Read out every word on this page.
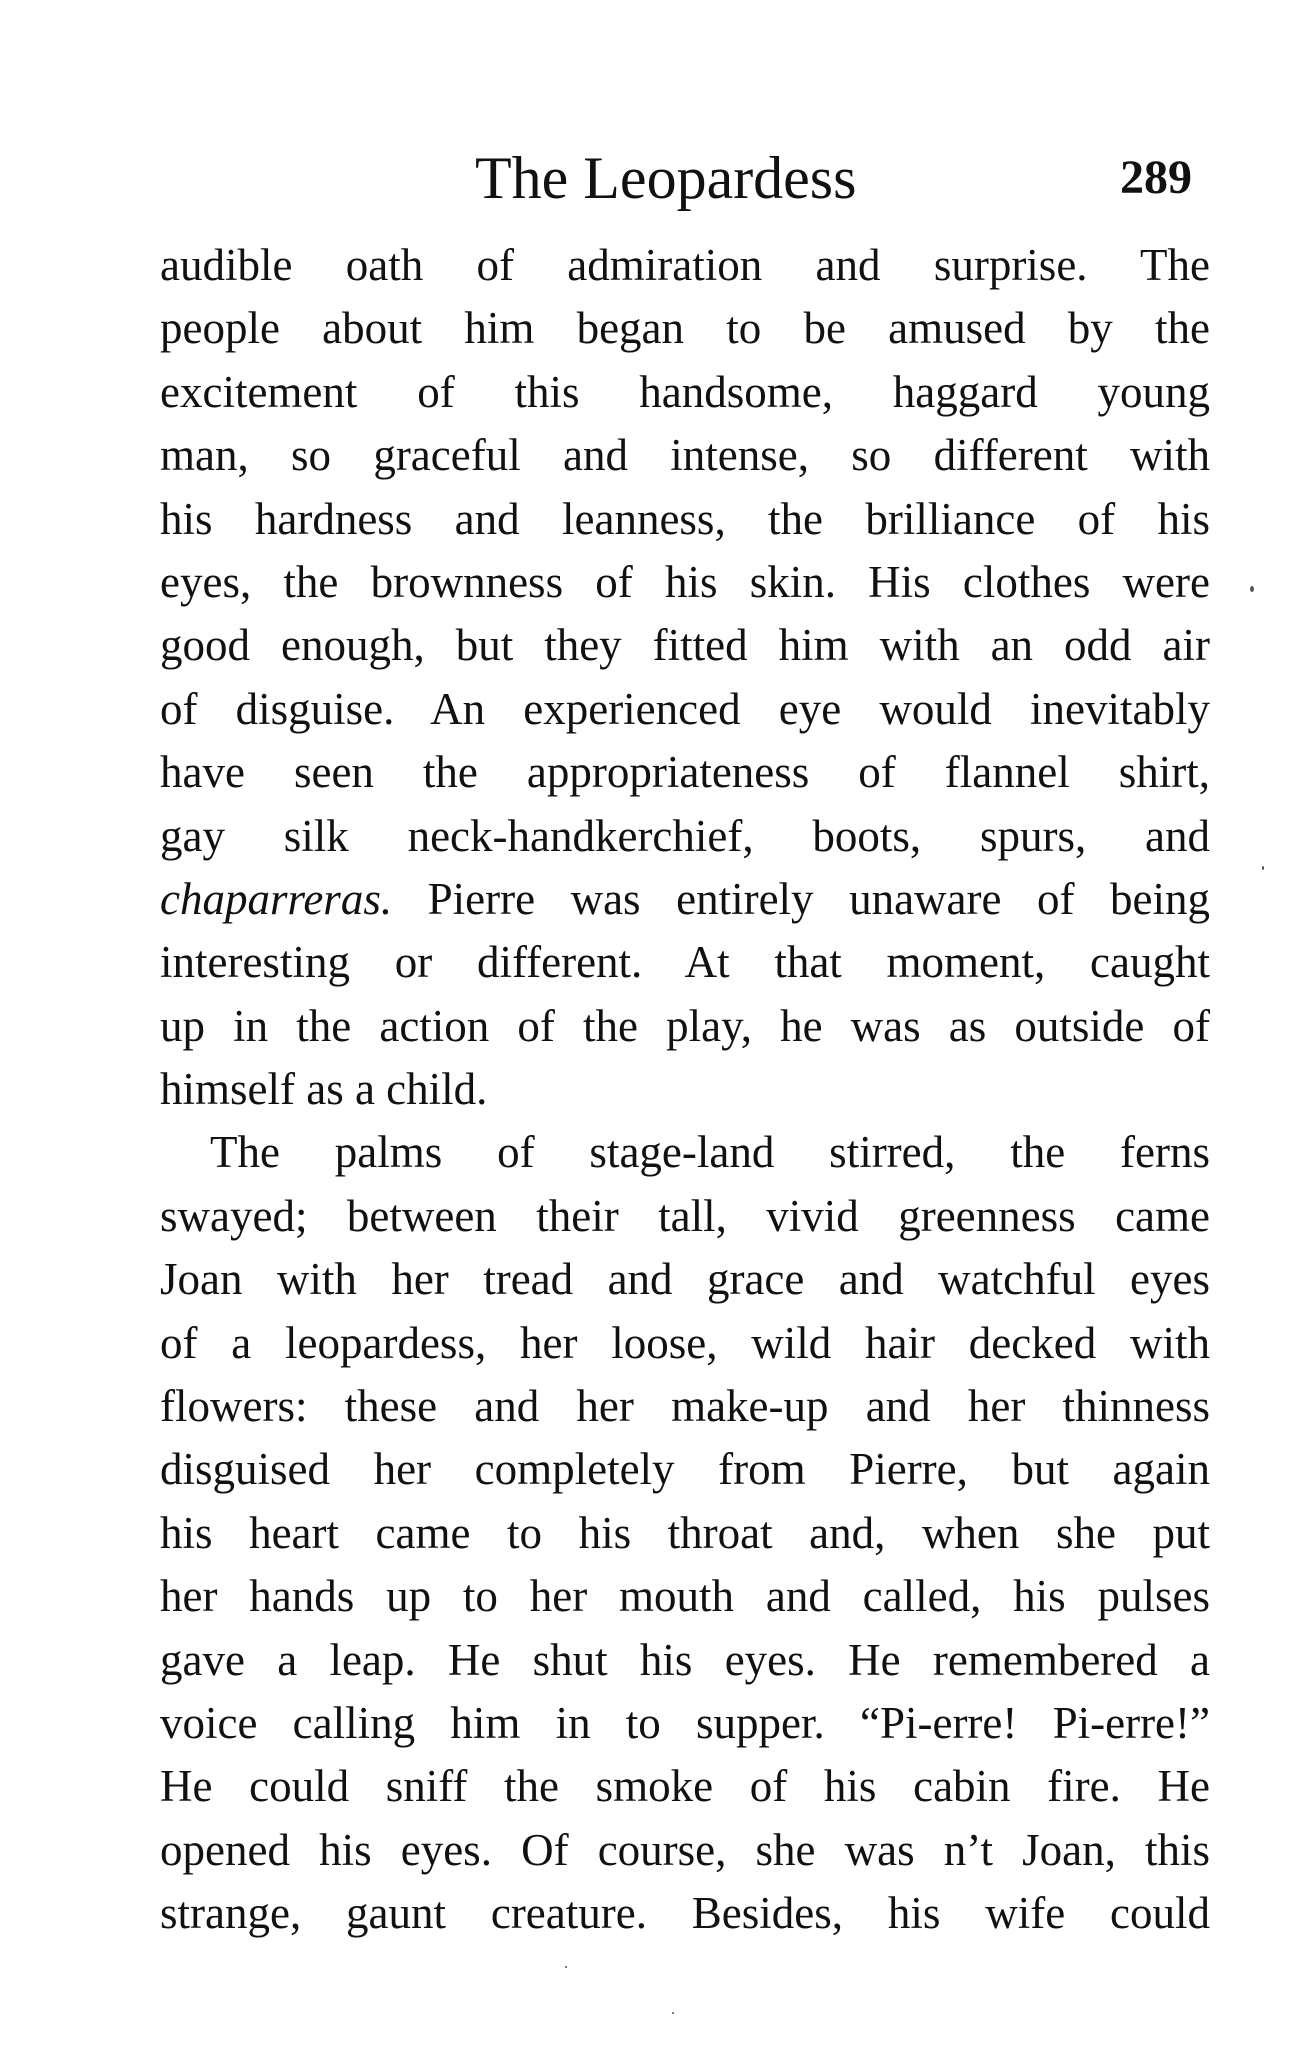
The Leopardess	289
audible oath of admiration and surprise. The
people about him began to be amused by the
excitement of this handsome, haggard young
man, so graceful and intense, so different with
his hardness and leanness, the brilliance of his
eyes, the brownness of his skin. His clothes were
good enough, but they fitted him with an odd air
of disguise. An experienced eye would inevitably
have seen the appropriateness of flannel shirt,
gay silk neck-handkerchief, boots, spurs, and
chaparreras. Pierre was entirely unaware of being
interesting or different. At that moment, caught
up in the action of the play, he was as outside of
himself as a child.
The palms of stage-land stirred, the ferns
swayed; between their tall, vivid greenness came
Joan with her tread and grace and watchful eyes
of a leopardess, her loose, wild hair decked with
flowers: these and her make-up and her thinness
disguised her completely from Pierre, but again
his heart came to his throat and, when she put
her hands up to her mouth and called, his pulses
gave a leap. He shut his eyes. He remembered a
voice calling him in to supper. “Pi-erre! Pi-erre!”
He could sniff the smoke of his cabin fire. He
opened his eyes. Of course, she was n’t Joan, this
strange, gaunt creature. Besides, his wife could
